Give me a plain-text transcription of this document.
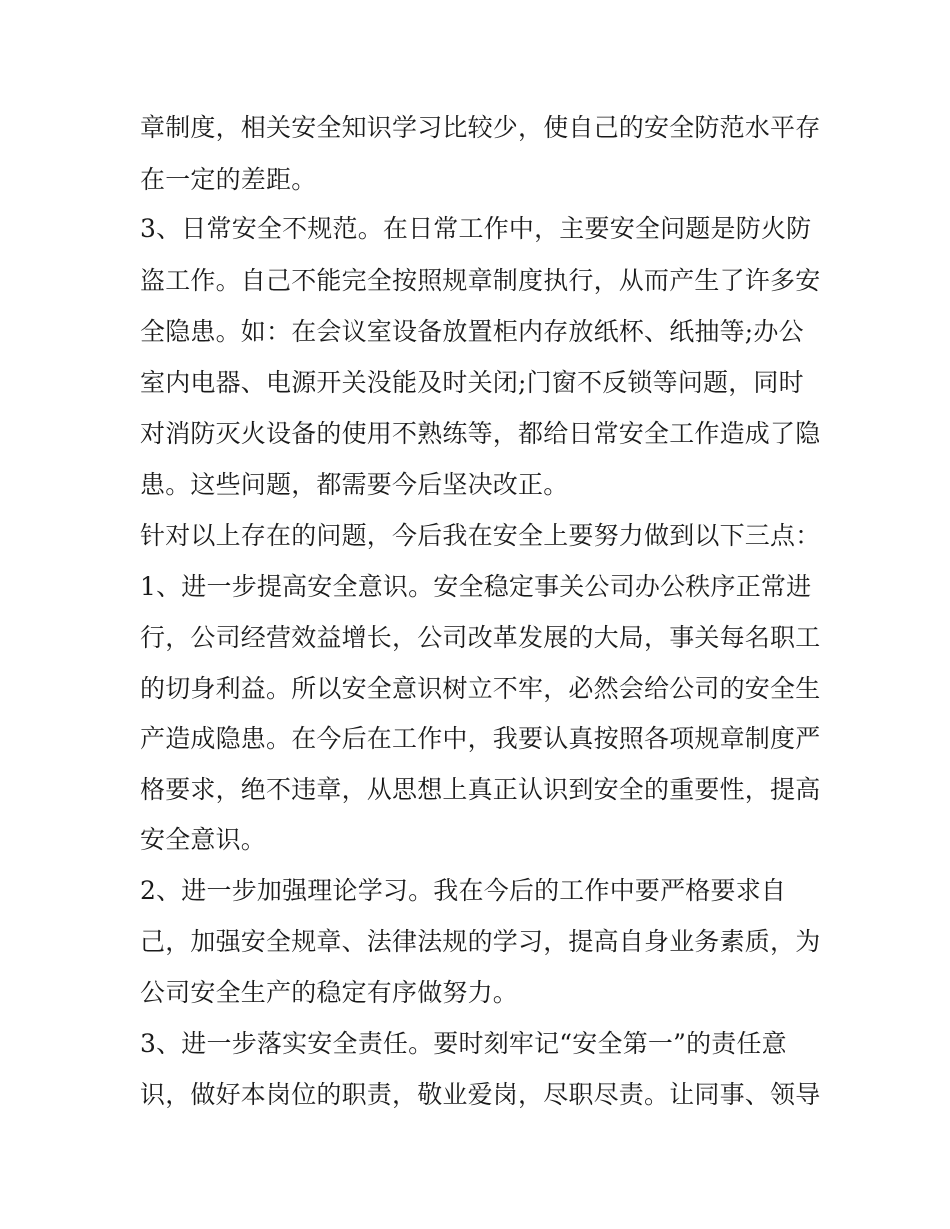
章制度，相关安全知识学习比较少，使自己的安全防范水平存

在一定的差距。

3、日常安全不规范。在日常工作中，主要安全问题是防火防

盗工作。自己不能完全按照规章制度执行，从而产生了许多安

全隐患。如：在会议室设备放置柜内存放纸杯、纸抽等;办公

室内电器、电源开关没能及时关闭;门窗不反锁等问题，同时

对消防灭火设备的使用不熟练等，都给日常安全工作造成了隐

患。这些问题，都需要今后坚决改正。

针对以上存在的问题，今后我在安全上要努力做到以下三点：

1、进一步提高安全意识。安全稳定事关公司办公秩序正常进

行，公司经营效益增长，公司改革发展的大局，事关每名职工

的切身利益。所以安全意识树立不牢，必然会给公司的安全生

产造成隐患。在今后在工作中，我要认真按照各项规章制度严

格要求，绝不违章，从思想上真正认识到安全的重要性，提高

安全意识。

2、进一步加强理论学习。我在今后的工作中要严格要求自

己，加强安全规章、法律法规的学习，提高自身业务素质，为

公司安全生产的稳定有序做努力。

3、进一步落实安全责任。要时刻牢记“安全第一”的责任意

识，做好本岗位的职责，敬业爱岗，尽职尽责。让同事、领导
